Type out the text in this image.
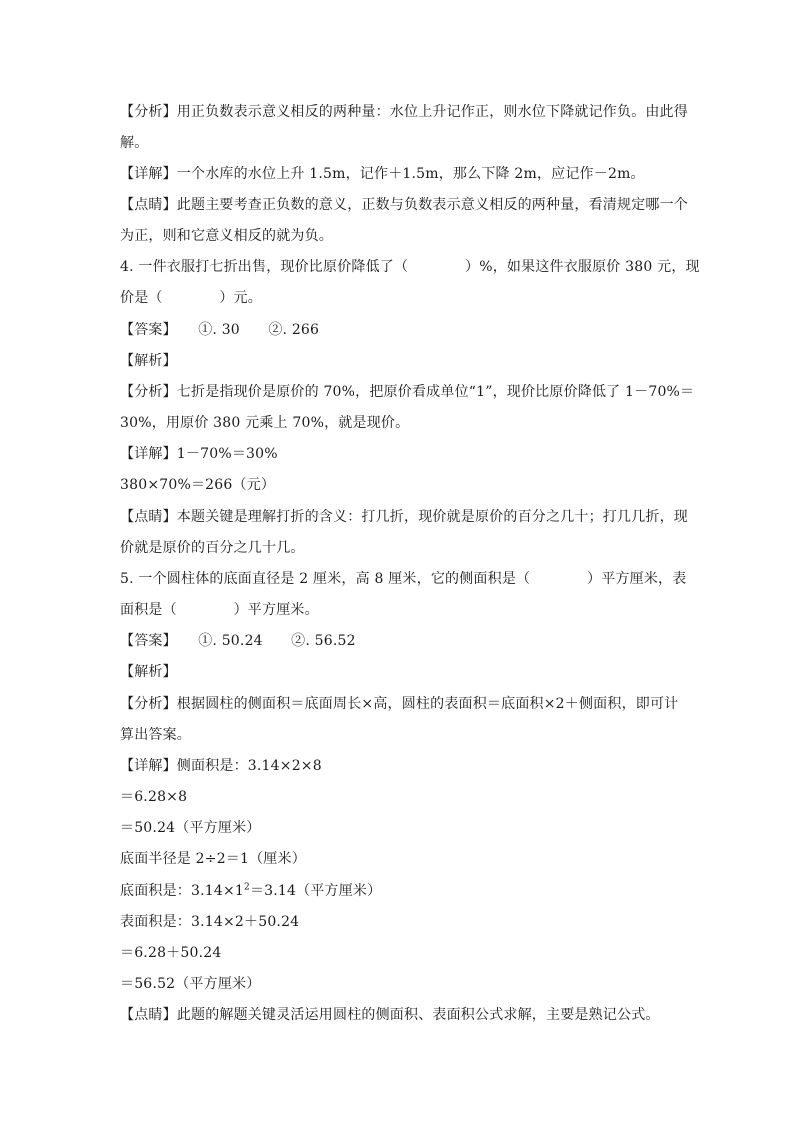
【分析】用正负数表示意义相反的两种量：水位上升记作正，则水位下降就记作负。由此得
解。
【详解】一个水库的水位上升 1.5m，记作＋1.5m，那么下降 2m，应记作－2m。
【点睛】此题主要考查正负数的意义，正数与负数表示意义相反的两种量，看清规定哪一个
为正，则和它意义相反的就为负。
4. 一件衣服打七折出售，现价比原价降低了（　　　　）%，如果这件衣服原价 380 元，现
价是（　　　　）元。
【答案】　　①. 30　　②. 266
【解析】
【分析】七折是指现价是原价的 70%，把原价看成单位“1”，现价比原价降低了 1－70%＝
30%，用原价 380 元乘上 70%，就是现价。
【详解】1－70%＝30%
380×70%＝266（元）
【点睛】本题关键是理解打折的含义：打几折，现价就是原价的百分之几十；打几几折，现
价就是原价的百分之几十几。
5. 一个圆柱体的底面直径是 2 厘米，高 8 厘米，它的侧面积是（　　　　）平方厘米，表
面积是（　　　　）平方厘米。
【答案】　　①. 50.24　　②. 56.52
【解析】
【分析】根据圆柱的侧面积＝底面周长×高，圆柱的表面积＝底面积×2＋侧面积，即可计
算出答案。
【详解】侧面积是：3.14×2×8
＝6.28×8
＝50.24（平方厘米）
底面半径是 2÷2＝1（厘米）
底面积是：$3.14\times 1^2=3.14$（平方厘米）
表面积是：3.14×2＋50.24
＝6.28＋50.24
＝56.52（平方厘米）
【点睛】此题的解题关键灵活运用圆柱的侧面积、表面积公式求解，主要是熟记公式。
